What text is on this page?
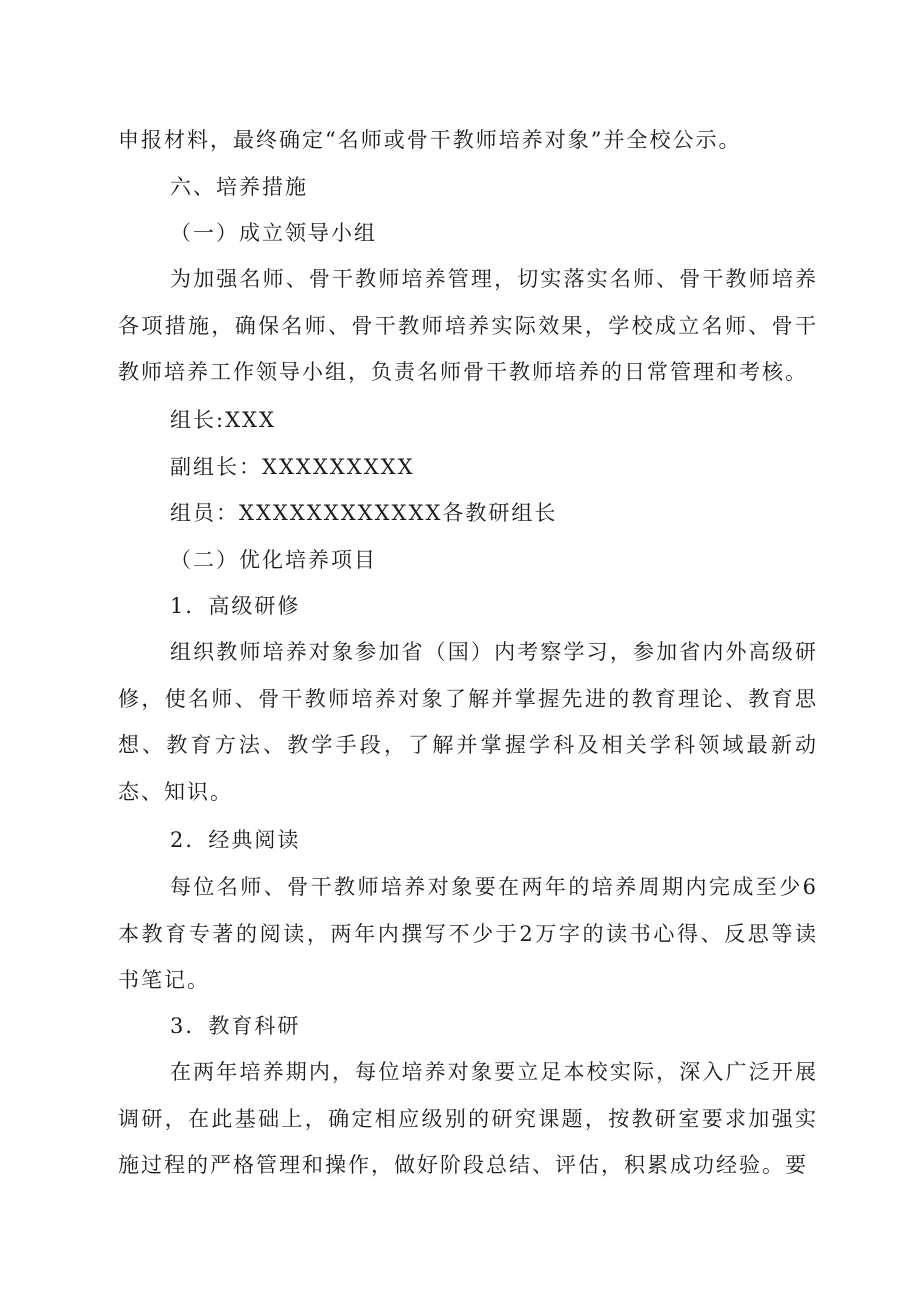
申报材料，最终确定“名师或骨干教师培养对象”并全校公示。
六、培养措施
（一）成立领导小组

为加强名师、骨干教师培养管理，切实落实名师、骨干教师培养各项措施，确保名师、骨干教师培养实际效果，学校成立名师、骨干教师培养工作领导小组，负责名师骨干教师培养的日常管理和考核。

组长:XXX
副组长：XXXXXXXXX
组员：XXXXXXXXXXXX各教研组长
（二）优化培养项目
1．高级研修

组织教师培养对象参加省（国）内考察学习，参加省内外高级研修，使名师、骨干教师培养对象了解并掌握先进的教育理论、教育思想、教育方法、教学手段，了解并掌握学科及相关学科领域最新动态、知识。

2．经典阅读

每位名师、骨干教师培养对象要在两年的培养周期内完成至少6本教育专著的阅读，两年内撰写不少于2万字的读书心得、反思等读书笔记。

3．教育科研

在两年培养期内，每位培养对象要立足本校实际，深入广泛开展调研，在此基础上，确定相应级别的研究课题，按教研室要求加强实施过程的严格管理和操作，做好阶段总结、评估，积累成功经验。要
